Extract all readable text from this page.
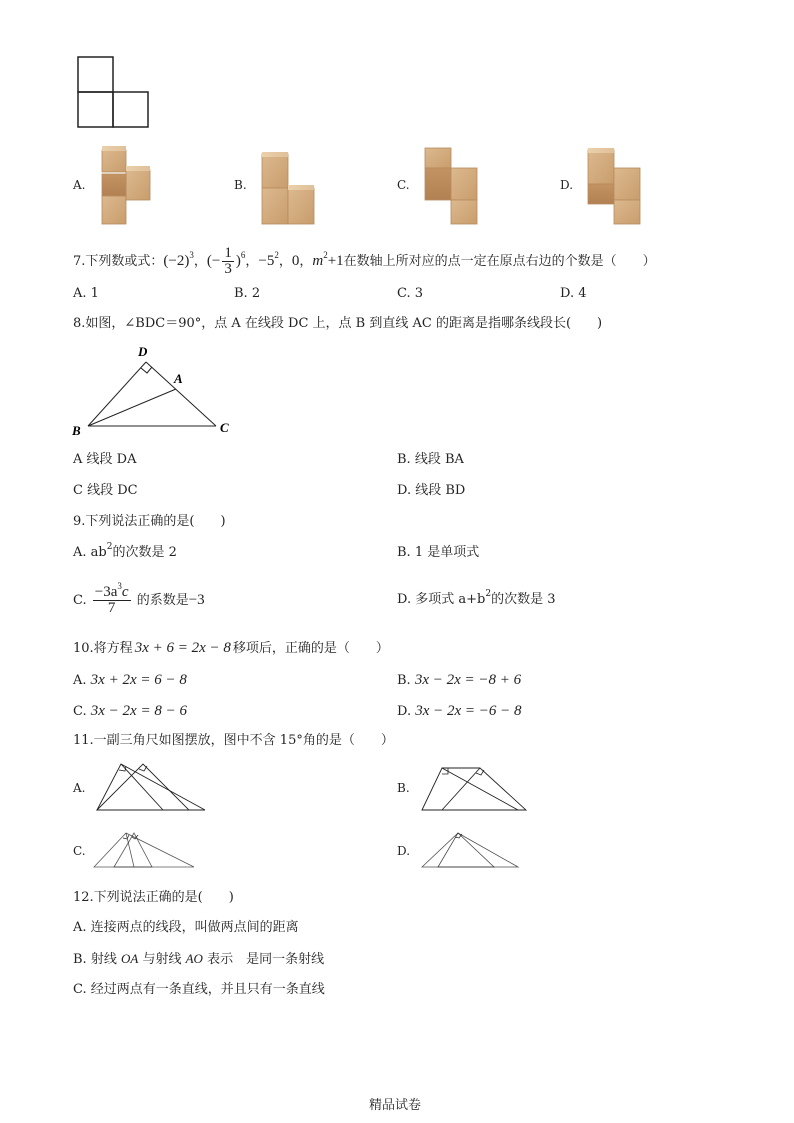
A.	B.	C.	D.
7.下列数或式：$(-2)^3$，(− $\frac{1}{3} )^6$，$-5^2$，0，$m^2+1$在数轴上所对应的点一定在原点右边的个数是（　　）
A. 1	B. 2	C. 3	D. 4
8.如图，∠BDC＝90°，点 A 在线段 DC 上，点 B 到直线 AC 的距离是指哪条线段长(　　)
D
A
B	C
A 线段 DA	B. 线段 BA
C 线段 DC	D. 线段 BD
9.下列说法正确的是(　　)
A. $ab^2$的次数是 2	B. 1 是单项式
C. $\frac{-3a^3c}{7}$ 的系数是−3	D. 多项式 $a+b^2$的次数是 3
10.将方程 3x + 6 = 2x − 8 移项后，正确的是（　　）
A. 3x + 2x = 6 − 8	B. 3x − 2x = −8 + 6
C. 3x − 2x = 8 − 6	D. 3x − 2x = −6 − 8
11.一副三角尺如图摆放，图中不含 15°角的是（　　）
A.	B.
C.	D.
12.下列说法正确的是(　　)
A. 连接两点的线段，叫做两点间的距离
B. 射线 OA 与射线 AO 表示　是同一条射线
C. 经过两点有一条直线，并且只有一条直线
精品试卷
